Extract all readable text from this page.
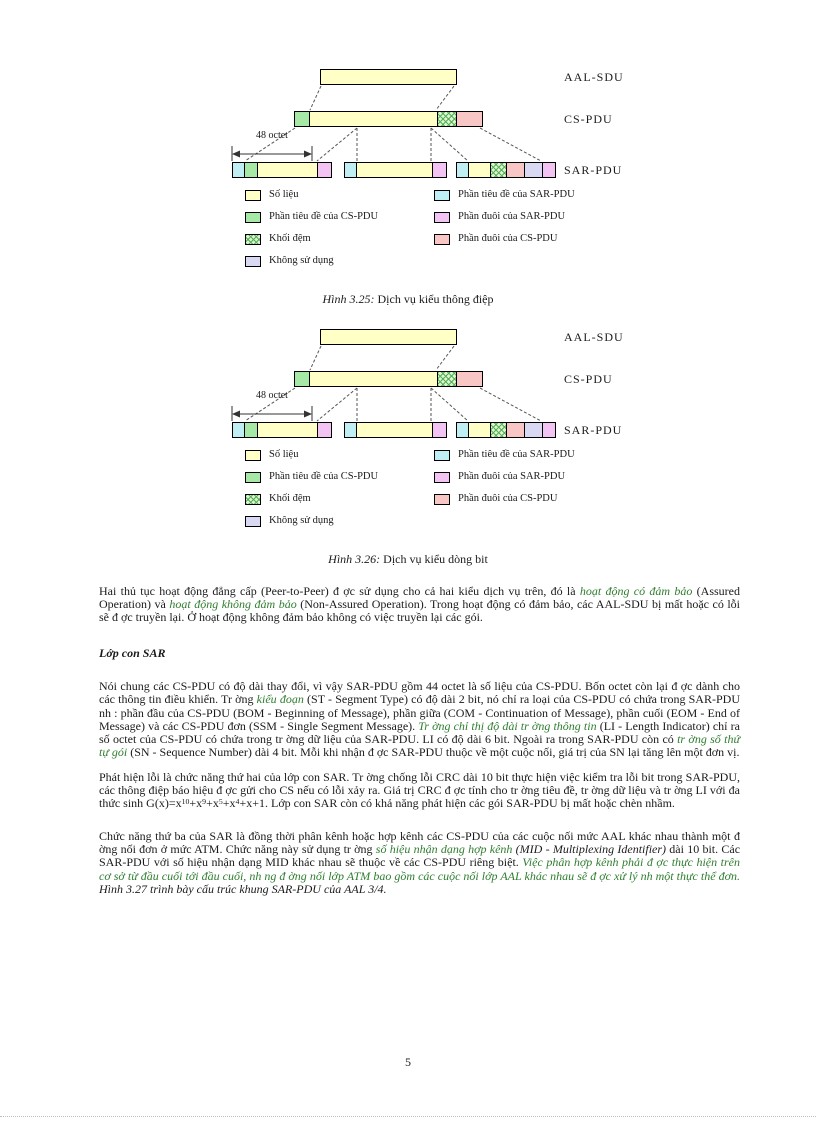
AAL-SDU
CS-PDU
SAR-PDU
48 octet
Số liệu
Phần tiêu đề của CS-PDU
Khối đệm
Không sử dụng
Phần tiêu đề của SAR-PDU
Phần đuôi của SAR-PDU
Phần đuôi của CS-PDU
Hình 3.25: Dịch vụ kiểu thông điệp
AAL-SDU
CS-PDU
SAR-PDU
48 octet
Số liệu
Phần tiêu đề của CS-PDU
Khối đệm
Không sử dụng
Phần tiêu đề của SAR-PDU
Phần đuôi của SAR-PDU
Phần đuôi của CS-PDU
Hình 3.26: Dịch vụ kiểu dòng bit

Hai thủ tục hoạt động đẳng cấp (Peer-to-Peer) đ ợc sử dụng cho cả hai kiểu dịch vụ trên, đó là hoạt động có đảm bảo (Assured Operation) và hoạt động không đảm bảo (Non-Assured Operation). Trong hoạt động có đảm bảo, các AAL-SDU bị mất hoặc có lỗi sẽ đ ợc truyền lại. Ở hoạt động không đảm bảo không có việc truyền lại các gói.

Lớp con SAR

Nói chung các CS-PDU có độ dài thay đổi, vì vậy SAR-PDU gồm 44 octet là số liệu của CS-PDU. Bốn octet còn lại đ ợc dành cho các thông tin điều khiển. Tr ờng kiểu đoạn (ST - Segment Type) có độ dài 2 bit, nó chỉ ra loại của CS-PDU có chứa trong SAR-PDU nh : phần đầu của CS-PDU (BOM - Beginning of Message), phần giữa (COM - Continuation of Message), phần cuối (EOM - End of Message) và các CS-PDU đơn (SSM - Single Segment Message). Tr ờng chỉ thị độ dài tr ờng thông tin (LI - Length Indicator) chỉ ra số octet của CS-PDU có chứa trong tr ờng dữ liệu của SAR-PDU. LI có độ dài 6 bit. Ngoài ra trong SAR-PDU còn có tr ờng số thứ tự gói (SN - Sequence Number) dài 4 bit. Mỗi khi nhận đ ợc SAR-PDU thuộc về một cuộc nối, giá trị của SN lại tăng lên một đơn vị.

Phát hiện lỗi là chức năng thứ hai của lớp con SAR. Tr ờng chống lỗi CRC dài 10 bit thực hiện việc kiểm tra lỗi bit trong SAR-PDU, các thông điệp báo hiệu đ ợc gửi cho CS nếu có lỗi xảy ra. Giá trị CRC đ ợc tính cho tr ờng tiêu đề, tr ờng dữ liệu và tr ờng LI với đa thức $\sinh G(x)=x^{10}+x^9+x^5+x^4+x+1$. Lớp con SAR còn có khả năng phát hiện các gói SAR-PDU bị mất hoặc chèn nhầm.

Chức năng thứ ba của SAR là đồng thời phân kênh hoặc hợp kênh các CS-PDU của các cuộc nối mức AAL khác nhau thành một đ ờng nối đơn ở mức ATM. Chức năng này sử dụng tr ờng số hiệu nhận dạng hợp kênh (MID - Multiplexing Identifier) dài 10 bit. Các SAR-PDU với số hiệu nhận dạng MID khác nhau sẽ thuộc về các CS-PDU riêng biệt. Việc phân hợp kênh phải đ ợc thực hiện trên cơ sở từ đầu cuối tới đầu cuối, nh ng đ ờng nối lớp ATM bao gồm các cuộc nối lớp AAL khác nhau sẽ đ ợc xử lý nh một thực thể đơn. Hình 3.27 trình bày cấu trúc khung SAR-PDU của AAL 3/4.

5
